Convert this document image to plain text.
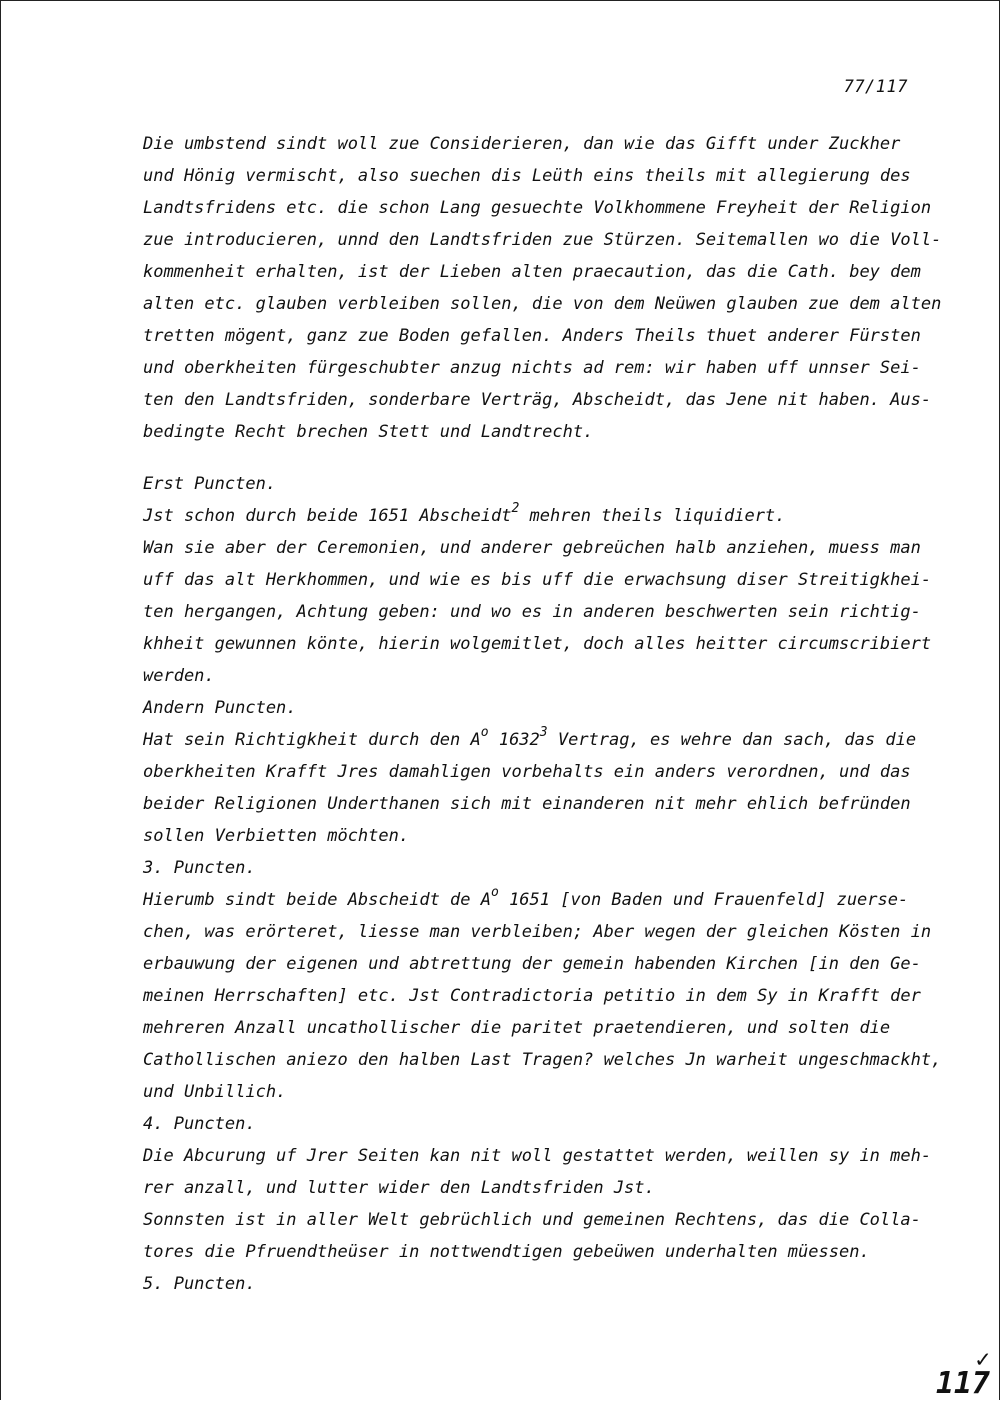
77/117
Die umbstend sindt woll zue Considerieren, dan wie das Gifft under Zuckher
und Hönig vermischt, also suechen dis Leüth eins theils mit allegierung des
Landtsfridens etc. die schon Lang gesuechte Volkhommene Freyheit der Religion
zue introducieren, unnd den Landtsfriden zue Stürzen. Seitemallen wo die Voll-
kommenheit erhalten, ist der Lieben alten praecaution, das die Cath. bey dem
alten etc. glauben verbleiben sollen, die von dem Neüwen glauben zue dem alten
tretten mögent, ganz zue Boden gefallen. Anders Theils thuet anderer Fürsten
und oberkheiten fürgeschubter anzug nichts ad rem: wir haben uff unnser Sei-
ten den Landtsfriden, sonderbare Verträg, Abscheidt, das Jene nit haben. Aus-
bedingte Recht brechen Stett und Landtrecht.
Erst Puncten.
Jst schon durch beide 1651 Abscheidt$^2$ mehren theils liquidiert.
Wan sie aber der Ceremonien, und anderer gebreüchen halb anziehen, muess man
uff das alt Herkhommen, und wie es bis uff die erwachsung diser Streitigkhei-
ten hergangen, Achtung geben: und wo es in anderen beschwerten sein richtig-
khheit gewunnen könte, hierin wolgemitlet, doch alles heitter circumscribiert
werden.
Andern Puncten.
Hat sein Richtigkheit durch den $A^o$ 1632$^3$ Vertrag, es wehre dan sach, das die
oberkheiten Krafft Jres damahligen vorbehalts ein anders verordnen, und das
beider Religionen Underthanen sich mit einanderen nit mehr ehlich befründen
sollen Verbietten möchten.
3. Puncten.
Hierumb sindt beide Abscheidt de $A^o$ 1651 [von Baden und Frauenfeld] zuerse-
chen, was erörteret, liesse man verbleiben; Aber wegen der gleichen Kösten in
erbauwung der eigenen und abtrettung der gemein habenden Kirchen [in den Ge-
meinen Herrschaften] etc. Jst Contradictoria petitio in dem Sy in Krafft der
mehreren Anzall uncathollischer die paritet praetendieren, und solten die
Cathollischen aniezo den halben Last Tragen? welches Jn warheit ungeschmackht,
und Unbillich.
4. Puncten.
Die Abcurung uf Jrer Seiten kan nit woll gestattet werden, weillen sy in meh-
rer anzall, und lutter wider den Landtsfriden Jst.
Sonnsten ist in aller Welt gebrüchlich und gemeinen Rechtens, das die Colla-
tores die Pfruendtheüser in nottwendtigen gebeüwen underhalten müessen.
5. Puncten.
✓
117
